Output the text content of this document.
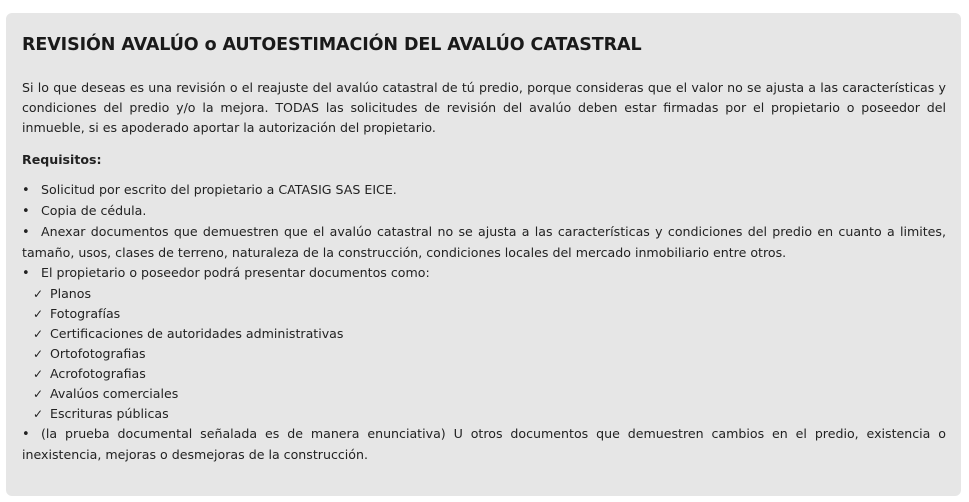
REVISIÓN AVALÚO o AUTOESTIMACIÓN DEL AVALÚO CATASTRAL

Si lo que deseas es una revisión o el reajuste del avalúo catastral de tú predio, porque consideras que el valor no se ajusta a las características y condiciones del predio y/o la mejora. TODAS las solicitudes de revisión del avalúo deben estar firmadas por el propietario o poseedor del inmueble, si es apoderado aportar la autorización del propietario.

Requisitos:

• Solicitud por escrito del propietario a CATASIG SAS EICE.
• Copia de cédula.
• Anexar documentos que demuestren que el avalúo catastral no se ajusta a las características y condiciones del predio en cuanto a limites, tamaño, usos, clases de terreno, naturaleza de la construcción, condiciones locales del mercado inmobiliario entre otros.
• El propietario o poseedor podrá presentar documentos como:
✓ Planos
✓ Fotografías
✓ Certificaciones de autoridades administrativas
✓ Ortofotografias
✓ Acrofotografias
✓ Avalúos comerciales
✓ Escrituras públicas
• (la prueba documental señalada es de manera enunciativa) U otros documentos que demuestren cambios en el predio, existencia o inexistencia, mejoras o desmejoras de la construcción.
